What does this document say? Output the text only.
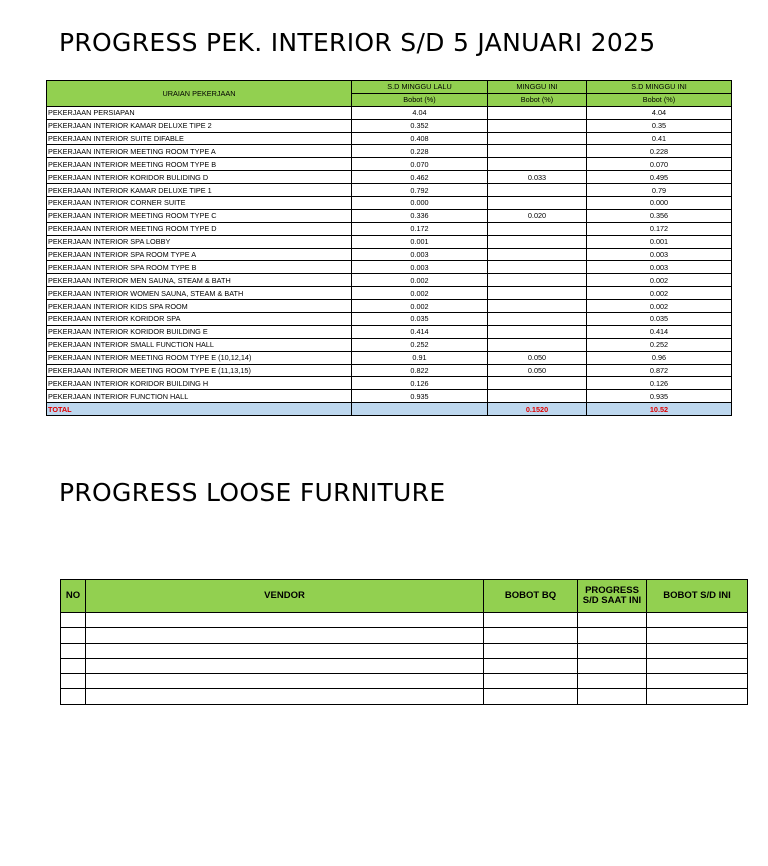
PROGRESS PEK. INTERIOR S/D 5 JANUARI 2025
URAIAN PEKERJAAN	S.D MINGGU LALU	MINGGU INI	S.D MINGGU INI
	Bobot (%)	Bobot (%)	Bobot (%)
PEKERJAAN PERSIAPAN	4.04		4.04
PEKERJAAN INTERIOR KAMAR DELUXE TIPE 2	0.352		0.35
PEKERJAAN INTERIOR SUITE DIFABLE	0.408		0.41
PEKERJAAN INTERIOR MEETING ROOM TYPE A	0.228		0.228
PEKERJAAN INTERIOR MEETING ROOM TYPE B	0.070		0.070
PEKERJAAN INTERIOR KORIDOR BULIDING D	0.462	0.033	0.495
PEKERJAAN INTERIOR KAMAR DELUXE TIPE 1	0.792		0.79
PEKERJAAN INTERIOR CORNER SUITE	0.000		0.000
PEKERJAAN INTERIOR MEETING ROOM TYPE C	0.336	0.020	0.356
PEKERJAAN INTERIOR MEETING ROOM TYPE D	0.172		0.172
PEKERJAAN INTERIOR SPA LOBBY	0.001		0.001
PEKERJAAN INTERIOR SPA ROOM TYPE A	0.003		0.003
PEKERJAAN INTERIOR SPA ROOM TYPE B	0.003		0.003
PEKERJAAN INTERIOR MEN SAUNA, STEAM & BATH	0.002		0.002
PEKERJAAN INTERIOR WOMEN SAUNA, STEAM & BATH	0.002		0.002
PEKERJAAN INTERIOR KIDS SPA ROOM	0.002		0.002
PEKERJAAN INTERIOR KORIDOR SPA	0.035		0.035
PEKERJAAN INTERIOR KORIDOR BUILDING E	0.414		0.414
PEKERJAAN INTERIOR SMALL FUNCTION HALL	0.252		0.252
PEKERJAAN INTERIOR MEETING ROOM TYPE E (10,12,14)	0.91	0.050	0.96
PEKERJAAN INTERIOR MEETING ROOM TYPE E (11,13,15)	0.822	0.050	0.872
PEKERJAAN INTERIOR KORIDOR BUILDING H	0.126		0.126
PEKERJAAN INTERIOR FUNCTION HALL	0.935		0.935
TOTAL		0.1520	10.52
PROGRESS LOOSE FURNITURE
NO	VENDOR	BOBOT BQ	PROGRESS S/D SAAT INI	BOBOT S/D INI
